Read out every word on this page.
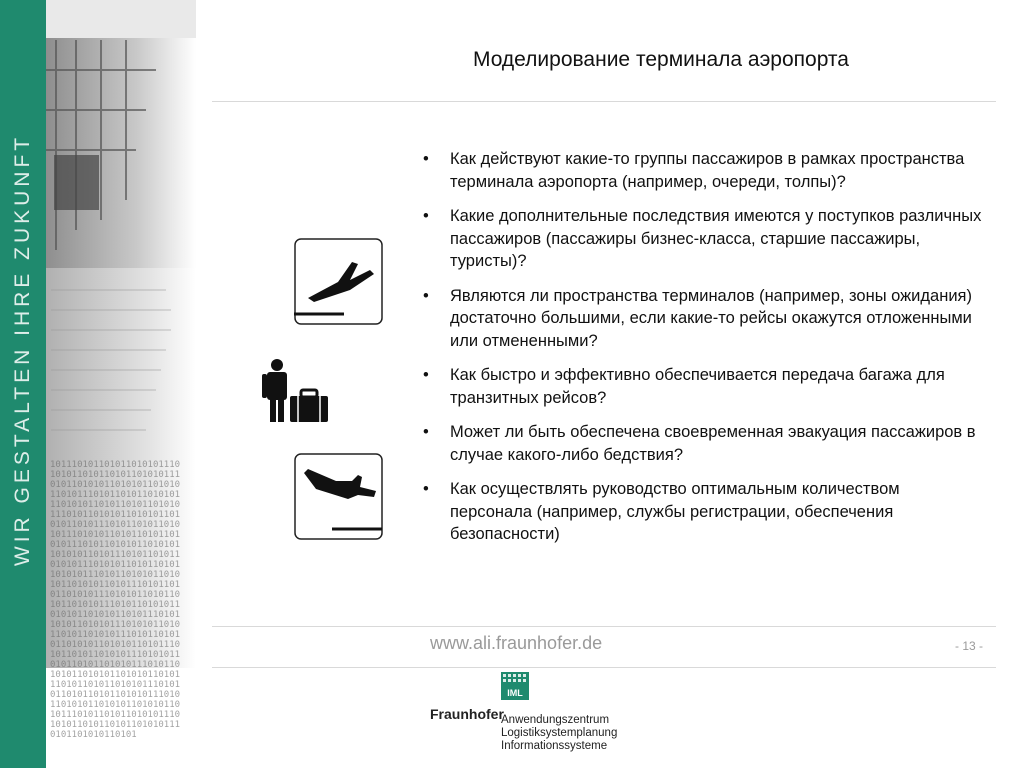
WIR GESTALTEN IHRE ZUKUNFT 1011101011010110101011101010110101101011010101110101101010110101011010101101011101011010110101011101010110101101011010101110101101010110101011010101101011101011010110101011101010110101101011010101110101101010110101011010101101011101011010110101011101010110101101011010101110101101010110101011010101101011101011010110101011101010110101101011010101110101101010110101011010101101011101011010110101011101010110101101011010101110101101010110101011010101101011101011010110101011101010110101101011010101110101101010110101011010101101011101011010110101011101010110101101011010101110101101010110101011010101101011101011010110101011101010110101101011010101110101101010110101
Моделирование терминала аэропорта
• Как действуют какие-то группы пассажиров в рамках пространства терминала аэропорта (например, очереди, толпы)?
• Какие дополнительные последствия имеются у поступков различных пассажиров (пассажиры бизнес-класса, старшие пассажиры, туристы)?
• Являются ли пространства терминалов (например, зоны ожидания) достаточно большими, если какие-то рейсы окажутся отложенными или отмененными?
• Как быстро и эффективно обеспечивается передача багажа для транзитных рейсов?
• Может ли быть обеспечена своевременная эвакуация пассажиров в случае какого-либо бедствия?
• Как осуществлять руководство оптимальным количеством персонала (например, службы регистрации, обеспечения безопасности)
www.ali.fraunhofer.de	- 13 -
IML
Fraunhofer
Anwendungszentrum
Logistiksystemplanung
Informationssysteme
